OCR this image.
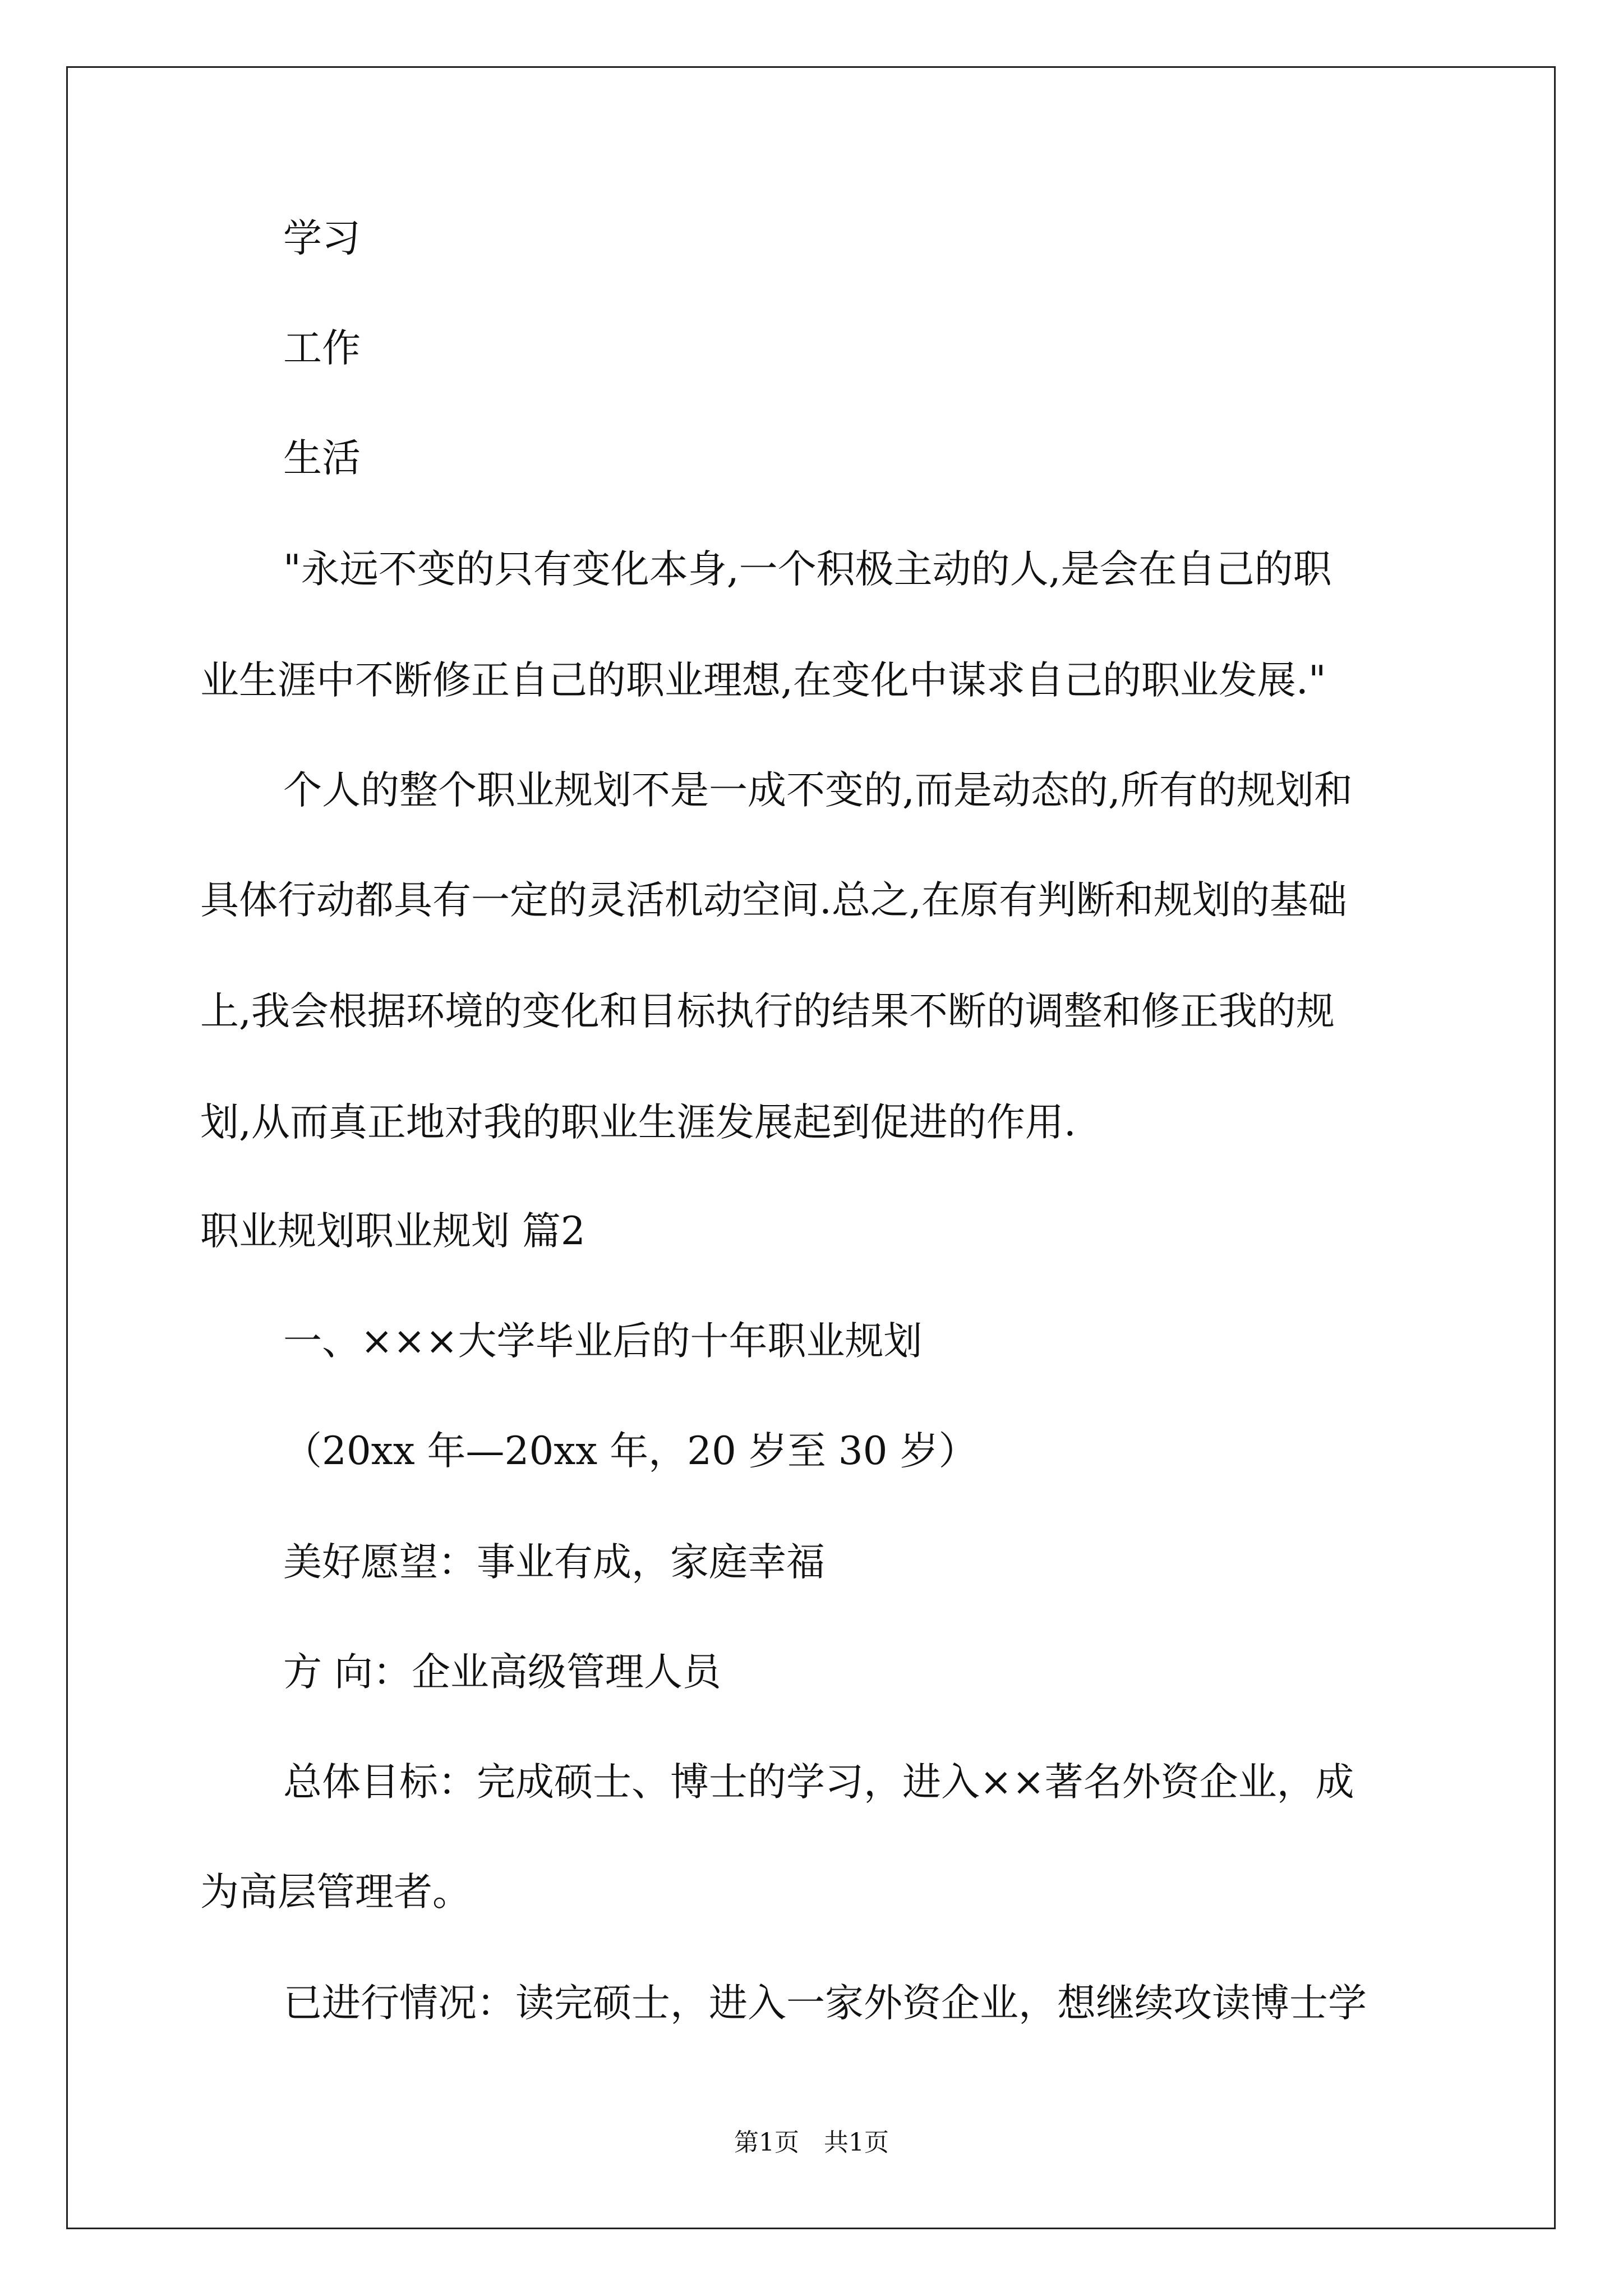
学习
工作
生活
"永远不变的只有变化本身,一个积极主动的人,是会在自己的职
业生涯中不断修正自己的职业理想,在变化中谋求自己的职业发展."
个人的整个职业规划不是一成不变的,而是动态的,所有的规划和
具体行动都具有一定的灵活机动空间.总之,在原有判断和规划的基础
上,我会根据环境的变化和目标执行的结果不断的调整和修正我的规
划,从而真正地对我的职业生涯发展起到促进的作用.
职业规划职业规划 篇2
一、×××大学毕业后的十年职业规划
（20xx 年—20xx 年，20 岁至 30 岁）
美好愿望：事业有成，家庭幸福
方 向：企业高级管理人员
总体目标：完成硕士、博士的学习，进入××著名外资企业，成
为高层管理者。
已进行情况：读完硕士，进入一家外资企业，想继续攻读博士学
第1页　共1页
